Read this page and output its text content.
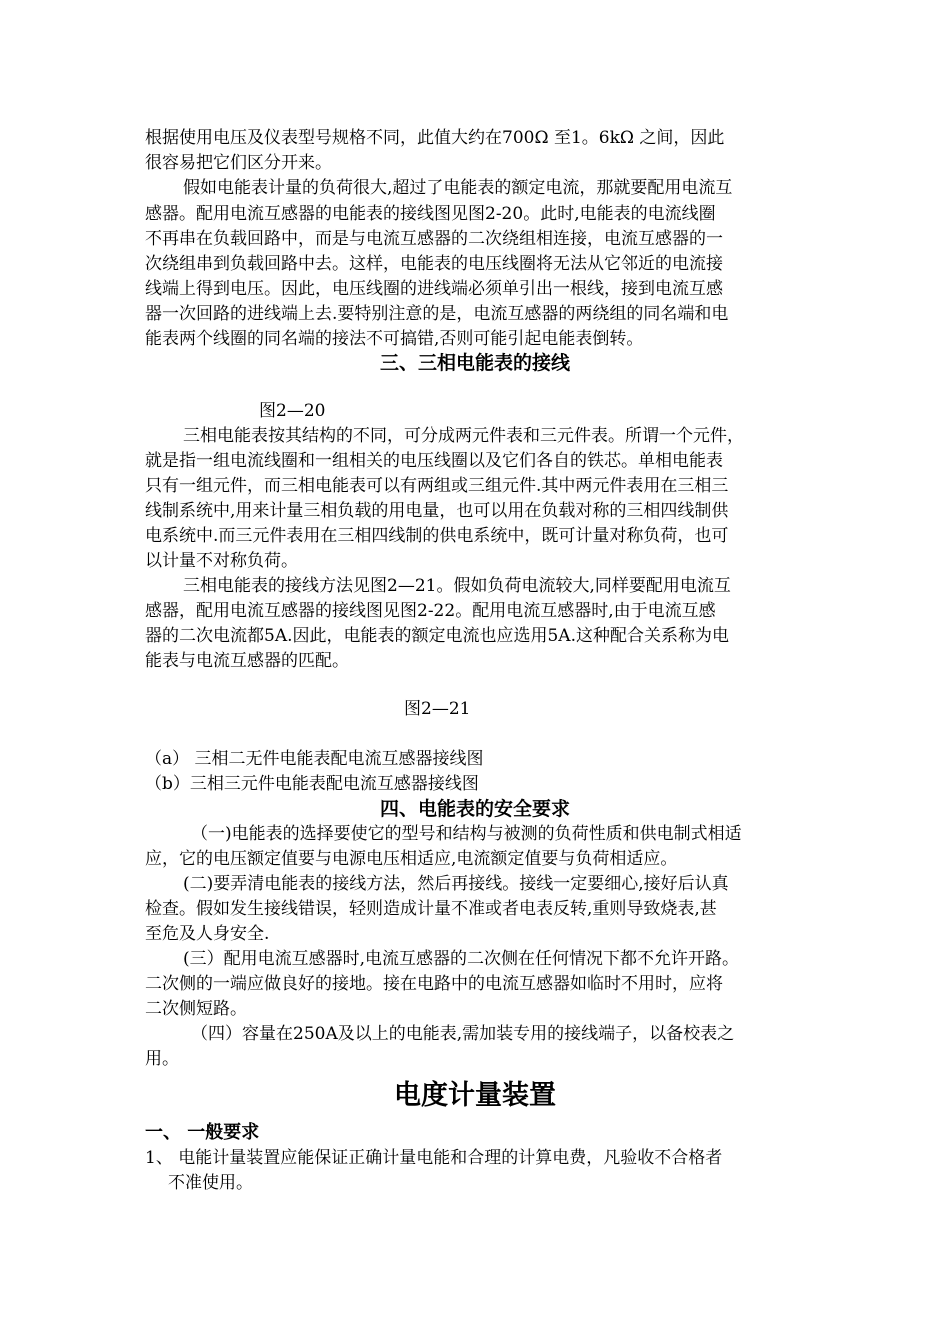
根据使用电压及仪表型号规格不同，此值大约在700Ω 至1。6kΩ 之间，因此
很容易把它们区分开来。
假如电能表计量的负荷很大,超过了电能表的额定电流，那就要配用电流互
感器。配用电流互感器的电能表的接线图见图2-20。此时,电能表的电流线圈
不再串在负载回路中，而是与电流互感器的二次绕组相连接，电流互感器的一
次绕组串到负载回路中去。这样，电能表的电压线圈将无法从它邻近的电流接
线端上得到电压。因此，电压线圈的进线端必须单引出一根线，接到电流互感
器一次回路的进线端上去.要特别注意的是，电流互感器的两绕组的同名端和电
能表两个线圈的同名端的接法不可搞错,否则可能引起电能表倒转。
三、三相电能表的接线
图2—20
三相电能表按其结构的不同，可分成两元件表和三元件表。所谓一个元件，
就是指一组电流线圈和一组相关的电压线圈以及它们各自的铁芯。单相电能表
只有一组元件，而三相电能表可以有两组或三组元件.其中两元件表用在三相三
线制系统中,用来计量三相负载的用电量，也可以用在负载对称的三相四线制供
电系统中.而三元件表用在三相四线制的供电系统中，既可计量对称负荷，也可
以计量不对称负荷。
三相电能表的接线方法见图2—21。假如负荷电流较大,同样要配用电流互
感器，配用电流互感器的接线图见图2-22。配用电流互感器时,由于电流互感
器的二次电流都5A.因此，电能表的额定电流也应选用5A.这种配合关系称为电
能表与电流互感器的匹配。
图2—21
（a） 三相二无件电能表配电流互感器接线图
（b）三相三元件电能表配电流互感器接线图
四、电能表的安全要求
（一)电能表的选择要使它的型号和结构与被测的负荷性质和供电制式相适
应，它的电压额定值要与电源电压相适应,电流额定值要与负荷相适应。
(二)要弄清电能表的接线方法，然后再接线。接线一定要细心,接好后认真
检查。假如发生接线错误，轻则造成计量不准或者电表反转,重则导致烧表,甚
至危及人身安全.
(三）配用电流互感器时,电流互感器的二次侧在任何情况下都不允许开路。
二次侧的一端应做良好的接地。接在电路中的电流互感器如临时不用时，应将
二次侧短路。
（四）容量在250A及以上的电能表,需加装专用的接线端子，以备校表之
用。
电度计量装置
一、 一般要求
1、 电能计量装置应能保证正确计量电能和合理的计算电费，凡验收不合格者
不准使用。
